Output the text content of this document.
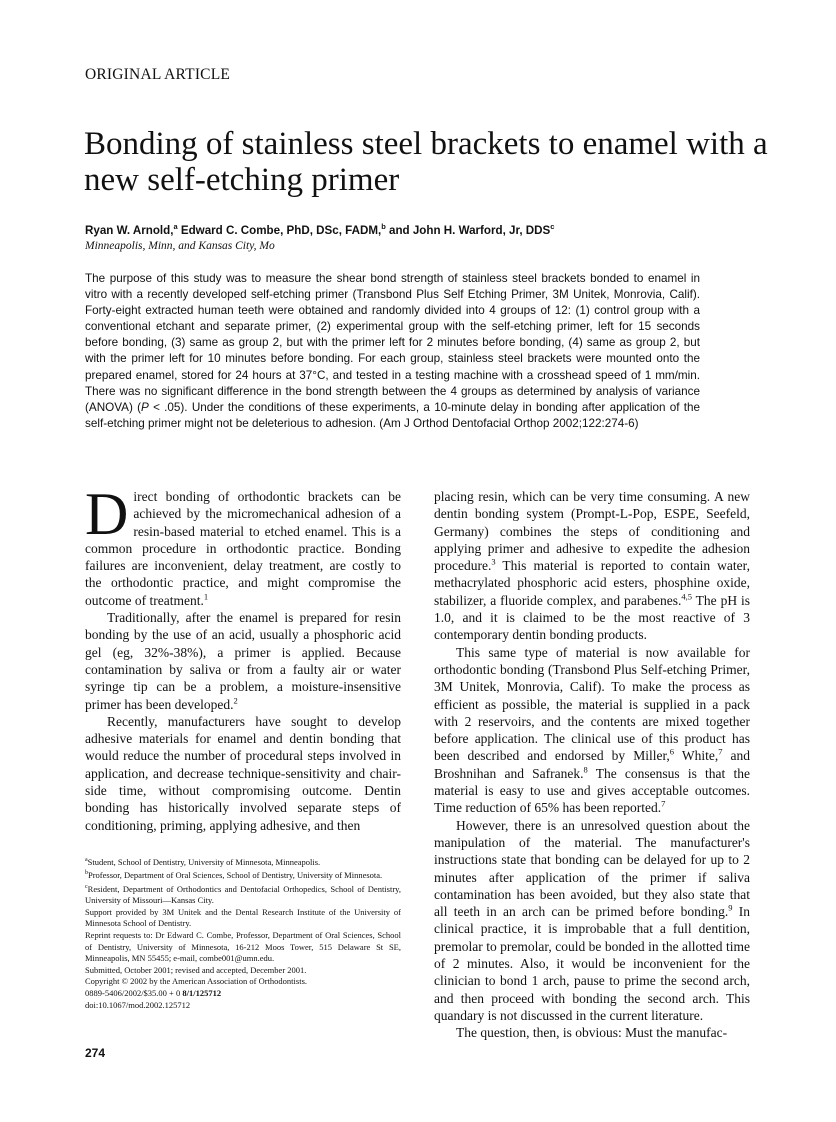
ORIGINAL ARTICLE
Bonding of stainless steel brackets to enamel with a new self-etching primer
Ryan W. Arnold,$^a$ Edward C. Combe, PhD, DSc, FADM,$^b$ and John H. Warford, Jr, DDS$^c$
Minneapolis, Minn, and Kansas City, Mo

The purpose of this study was to measure the shear bond strength of stainless steel brackets bonded to enamel in vitro with a recently developed self-etching primer (Transbond Plus Self Etching Primer, 3M Unitek, Monrovia, Calif). Forty-eight extracted human teeth were obtained and randomly divided into 4 groups of 12: (1) control group with a conventional etchant and separate primer, (2) experimental group with the self-etching primer, left for 15 seconds before bonding, (3) same as group 2, but with the primer left for 2 minutes before bonding, (4) same as group 2, but with the primer left for 10 minutes before bonding. For each group, stainless steel brackets were mounted onto the prepared enamel, stored for 24 hours at 37°C, and tested in a testing machine with a crosshead speed of 1 mm/min. There was no significant difference in the bond strength between the 4 groups as determined by analysis of variance (ANOVA) (P < .05). Under the conditions of these experiments, a 10-minute delay in bonding after application of the self-etching primer might not be deleterious to adhesion. (Am J Orthod Dentofacial Orthop 2002;122:274-6)

Direct bonding of orthodontic brackets can be achieved by the micromechanical adhesion of a resin-based material to etched enamel. This is a common procedure in orthodontic practice. Bonding failures are inconvenient, delay treatment, are costly to the orthodontic practice, and might compromise the outcome of treatment.$^1$

Traditionally, after the enamel is prepared for resin bonding by the use of an acid, usually a phosphoric acid gel (eg, 32%-38%), a primer is applied. Because contamination by saliva or from a faulty air or water syringe tip can be a problem, a moisture-insensitive primer has been developed.$^2$

Recently, manufacturers have sought to develop adhesive materials for enamel and dentin bonding that would reduce the number of procedural steps involved in application, and decrease technique-sensitivity and chair-side time, without compromising outcome. Dentin bonding has historically involved separate steps of conditioning, priming, applying adhesive, and then

placing resin, which can be very time consuming. A new dentin bonding system (Prompt-L-Pop, ESPE, Seefeld, Germany) combines the steps of conditioning and applying primer and adhesive to expedite the adhesion procedure.$^3$ This material is reported to contain water, methacrylated phosphoric acid esters, phosphine oxide, stabilizer, a fluoride complex, and parabenes.$^{4,5}$ The pH is 1.0, and it is claimed to be the most reactive of 3 contemporary dentin bonding products.

This same type of material is now available for orthodontic bonding (Transbond Plus Self-etching Primer, 3M Unitek, Monrovia, Calif). To make the process as efficient as possible, the material is supplied in a pack with 2 reservoirs, and the contents are mixed together before application. The clinical use of this product has been described and endorsed by Miller,$^6$ White,$^7$ and Broshnihan and Safranek.$^8$ The consensus is that the material is easy to use and gives acceptable outcomes. Time reduction of 65% has been reported.$^7$

However, there is an unresolved question about the manipulation of the material. The manufacturer's instructions state that bonding can be delayed for up to 2 minutes after application of the primer if saliva contamination has been avoided, but they also state that all teeth in an arch can be primed before bonding.$^9$ In clinical practice, it is improbable that a full dentition, premolar to premolar, could be bonded in the allotted time of 2 minutes. Also, it would be inconvenient for the clinician to bond 1 arch, pause to prime the second arch, and then proceed with bonding the second arch. This quandary is not discussed in the current literature.

The question, then, is obvious: Must the manufac-

$^a$Student, School of Dentistry, University of Minnesota, Minneapolis.
$^b$Professor, Department of Oral Sciences, School of Dentistry, University of Minnesota.
$^c$Resident, Department of Orthodontics and Dentofacial Orthopedics, School of Dentistry, University of Missouri—Kansas City.
Support provided by 3M Unitek and the Dental Research Institute of the University of Minnesota School of Dentistry.
Reprint requests to: Dr Edward C. Combe, Professor, Department of Oral Sciences, School of Dentistry, University of Minnesota, 16-212 Moos Tower, 515 Delaware St SE, Minneapolis, MN 55455; e-mail, combe001@umn.edu.
Submitted, October 2001; revised and accepted, December 2001.
Copyright © 2002 by the American Association of Orthodontists.
0889-5406/2002/$35.00 + 0 8/1/125712
doi:10.1067/mod.2002.125712
274
